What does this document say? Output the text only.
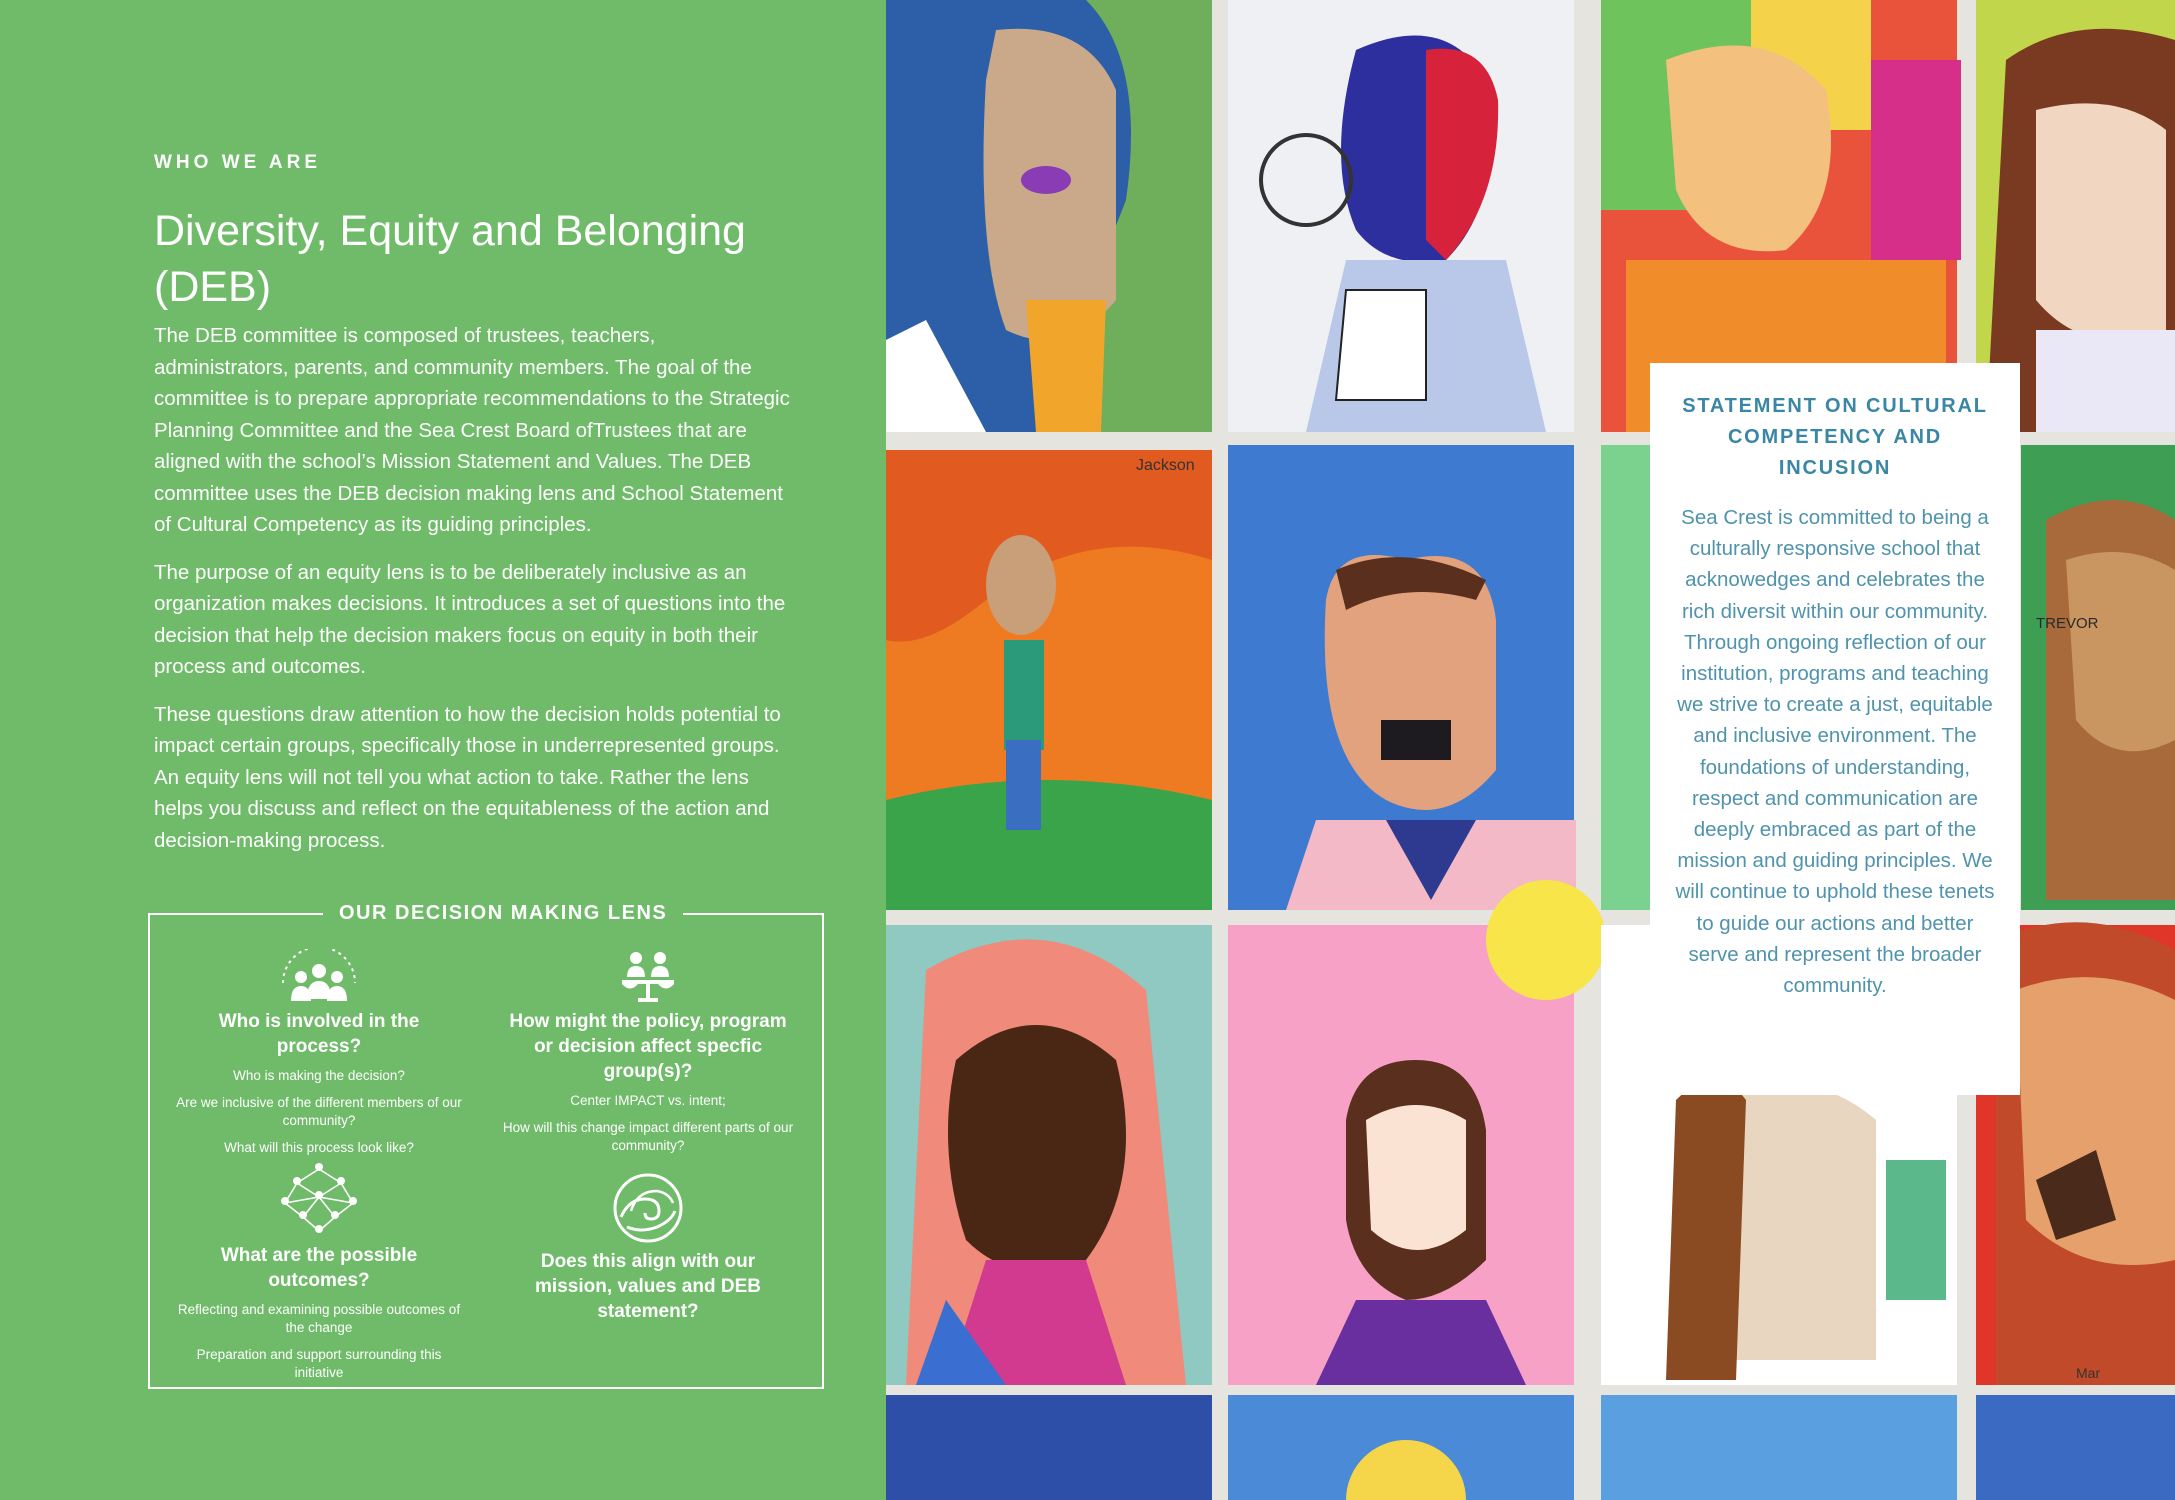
WHO WE ARE
Diversity, Equity and Belonging (DEB)

The DEB committee is composed of trustees, teachers, administrators, parents, and community members. The goal of the committee is to prepare appropriate recommendations to the Strategic Planning Committee and the Sea Crest Board ofTrustees that are aligned with the school’s Mission Statement and Values. The DEB committee uses the DEB decision making lens and School Statement of Cultural Competency as its guiding principles.

The purpose of an equity lens is to be deliberately inclusive as an organization makes decisions. It introduces a set of questions into the decision that help the decision makers focus on equity in both their process and outcomes.

These questions draw attention to how the decision holds potential to impact certain groups, specifically those in underrepresented groups. An equity lens will not tell you what action to take. Rather the lens helps you discuss and reflect on the equitableness of the action and decision-making process.

OUR DECISION MAKING LENS
Who is involved in the process?
Who is making the decision?
Are we inclusive of the different members of our community?
What will this process look like?
How might the policy, program or decision affect specfic group(s)?
Center IMPACT vs. intent;
How will this change impact different parts of our community?
What are the possible outcomes?
Reflecting and examining possible outcomes of the change
Preparation and support surrounding this initiative
Does this align with our mission, values and DEB statement?
Jackson
TREVOR
Mar
STATEMENT ON CULTURAL COMPETENCY AND INCUSION
Sea Crest is committed to being a culturally responsive school that acknowedges and celebrates the rich diversit within our community. Through ongoing reflection of our institution, programs and teaching we strive to create a just, equitable and inclusive environment. The foundations of understanding, respect and communication are deeply embraced as part of the mission and guiding principles. We will continue to uphold these tenets to guide our actions and better serve and represent the broader community.
